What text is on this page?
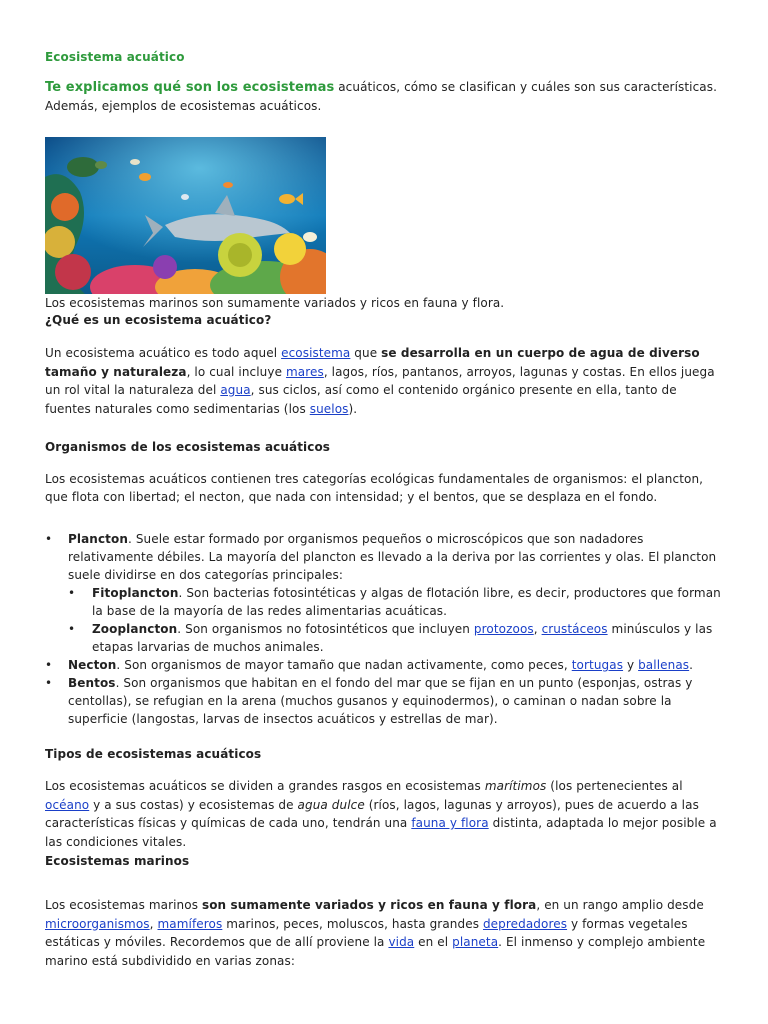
Ecosistema acuático
Te explicamos qué son los ecosistemas acuáticos, cómo se clasifican y cuáles son sus características. Además, ejemplos de ecosistemas acuáticos.
Los ecosistemas marinos son sumamente variados y ricos en fauna y flora.
¿Qué es un ecosistema acuático?
Un ecosistema acuático es todo aquel ecosistema que se desarrolla en un cuerpo de agua de diverso tamaño y naturaleza, lo cual incluye mares, lagos, ríos, pantanos, arroyos, lagunas y costas. En ellos juega un rol vital la naturaleza del agua, sus ciclos, así como el contenido orgánico presente en ella, tanto de fuentes naturales como sedimentarias (los suelos).
Organismos de los ecosistemas acuáticos
Los ecosistemas acuáticos contienen tres categorías ecológicas fundamentales de organismos: el plancton, que flota con libertad; el necton, que nada con intensidad; y el bentos, que se desplaza en el fondo.
• Plancton. Suele estar formado por organismos pequeños o microscópicos que son nadadores relativamente débiles. La mayoría del plancton es llevado a la deriva por las corrientes y olas. El plancton suele dividirse en dos categorías principales:
• Fitoplancton. Son bacterias fotosintéticas y algas de flotación libre, es decir, productores que forman la base de la mayoría de las redes alimentarias acuáticas.
• Zooplancton. Son organismos no fotosintéticos que incluyen protozoos, crustáceos minúsculos y las etapas larvarias de muchos animales.
• Necton. Son organismos de mayor tamaño que nadan activamente, como peces, tortugas y ballenas.
• Bentos. Son organismos que habitan en el fondo del mar que se fijan en un punto (esponjas, ostras y centollas), se refugian en la arena (muchos gusanos y equinodermos), o caminan o nadan sobre la superficie (langostas, larvas de insectos acuáticos y estrellas de mar).
Tipos de ecosistemas acuáticos
Los ecosistemas acuáticos se dividen a grandes rasgos en ecosistemas marítimos (los pertenecientes al océano y a sus costas) y ecosistemas de agua dulce (ríos, lagos, lagunas y arroyos), pues de acuerdo a las características físicas y químicas de cada uno, tendrán una fauna y flora distinta, adaptada lo mejor posible a las condiciones vitales.
Ecosistemas marinos
Los ecosistemas marinos son sumamente variados y ricos en fauna y flora, en un rango amplio desde microorganismos, mamíferos marinos, peces, moluscos, hasta grandes depredadores y formas vegetales estáticas y móviles. Recordemos que de allí proviene la vida en el planeta. El inmenso y complejo ambiente marino está subdividido en varias zonas:
